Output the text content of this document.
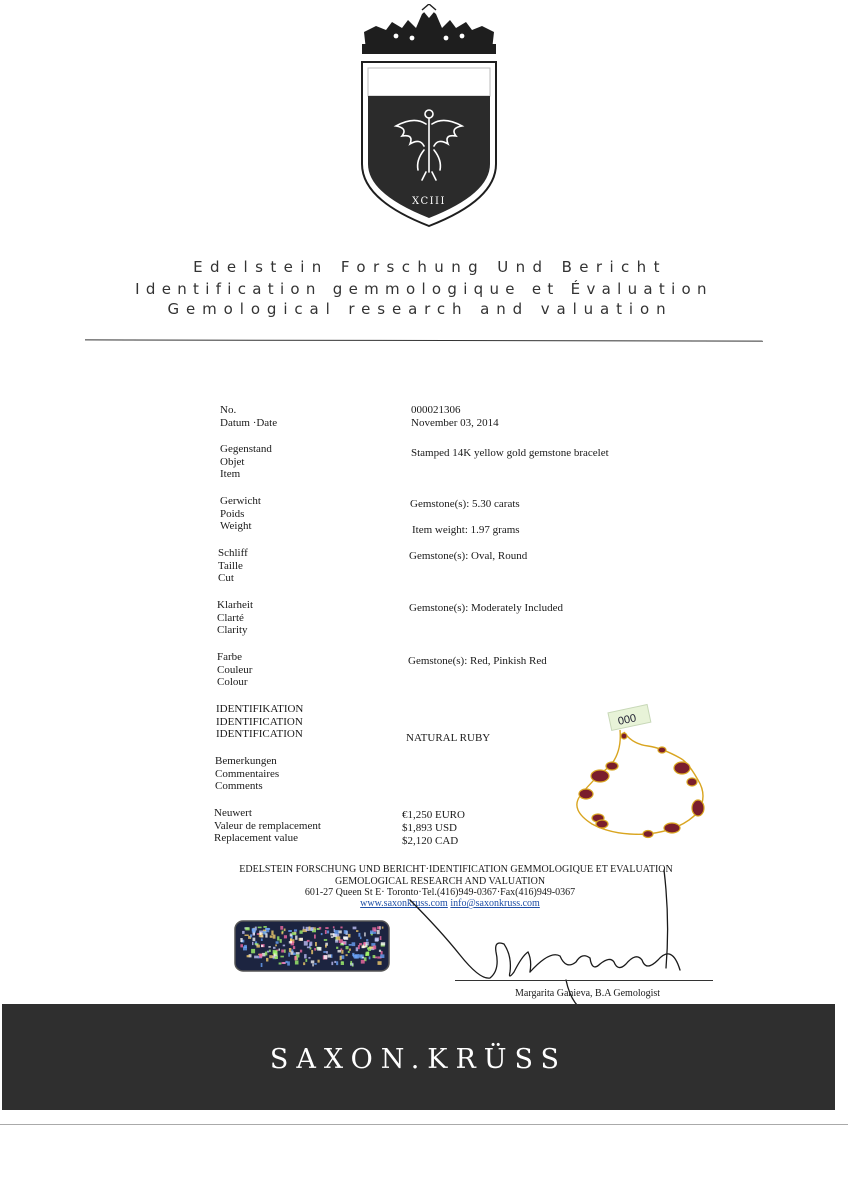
XCIII
Edelstein Forschung Und Bericht
Identification gemmologique et Évaluation
Gemological research and valuation
No.
Datum ·Date
000021306
November 03, 2014
Gegenstand
Objet
Item
Stamped 14K yellow gold gemstone bracelet
Gerwicht
Poids
Weight
Gemstone(s): 5.30 carats
Item weight: 1.97 grams
Schliff
Taille
Cut
Gemstone(s): Oval, Round
Klarheit
Clarté
Clarity
Gemstone(s): Moderately Included
Farbe
Couleur
Colour
Gemstone(s): Red, Pinkish Red
IDENTIFIKATION
IDENTIFICATION
IDENTIFICATION	NATURAL RUBY
Bemerkungen
Commentaires
Comments
Neuwert
Valeur de remplacement
Replacement value
€1,250 EURO
$1,893 USD
$2,120 CAD
000
EDELSTEIN FORSCHUNG UND BERICHT·IDENTIFICATION GEMMOLOGIQUE ET EVALUATION
GEMOLOGICAL RESEARCH AND VALUATION
601-27 Queen St E· Toronto·Tel.(416)949-0367·Fax(416)949-0367
www.saxonkruss.com info@saxonkruss.com
Margarita Ganieva, B.A Gemologist
SAXON.KRÜSS
